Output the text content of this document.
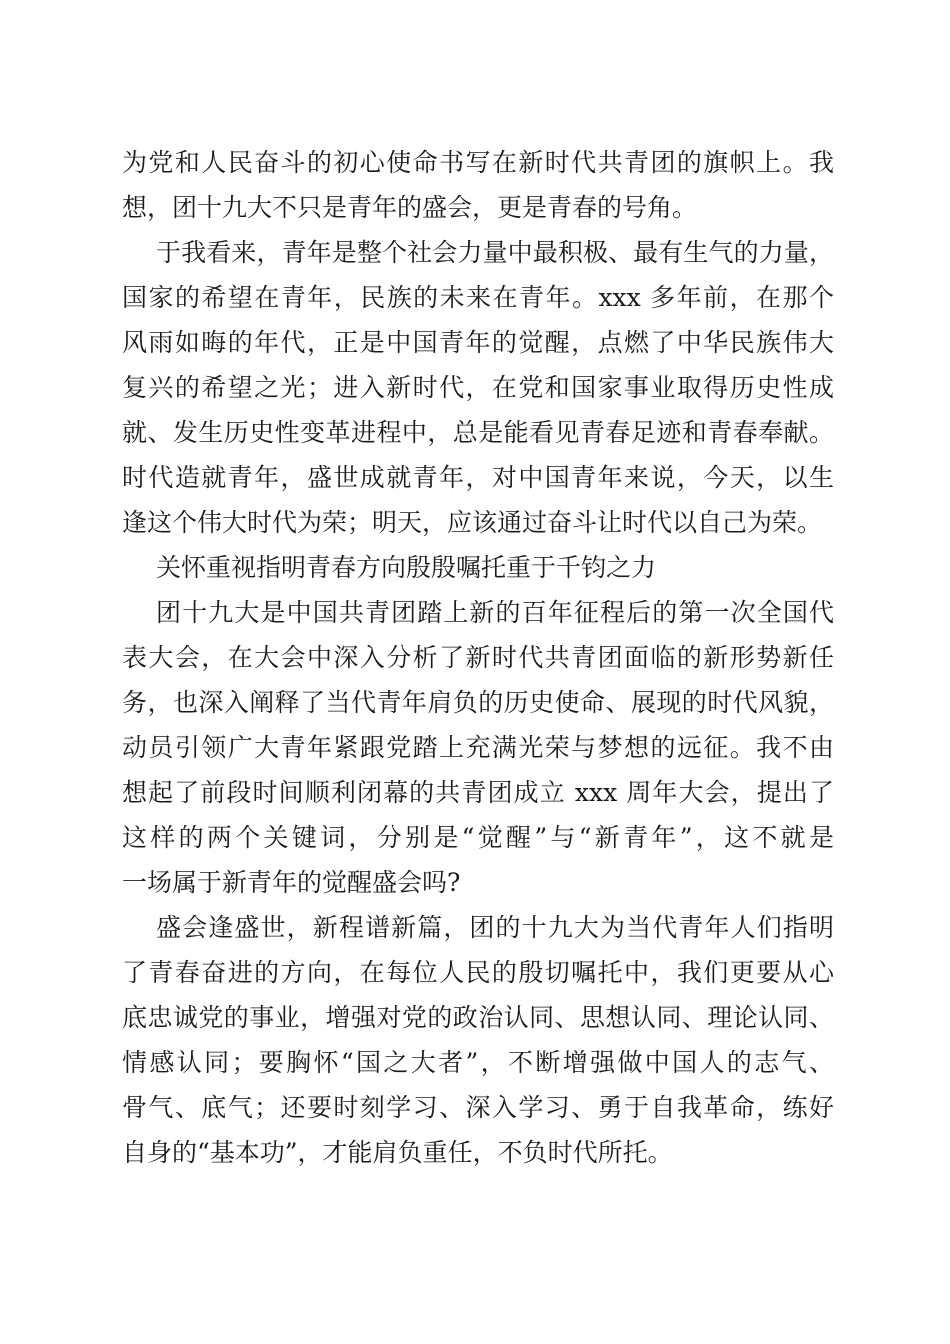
为党和人民奋斗的初心使命书写在新时代共青团的旗帜上。我
想，团十九大不只是青年的盛会，更是青春的号角。
于我看来，青年是整个社会力量中最积极、最有生气的力量，
国家的希望在青年，民族的未来在青年。xxx 多年前，在那个
风雨如晦的年代，正是中国青年的觉醒，点燃了中华民族伟大
复兴的希望之光；进入新时代，在党和国家事业取得历史性成
就、发生历史性变革进程中，总是能看见青春足迹和青春奉献。
时代造就青年，盛世成就青年，对中国青年来说，今天，以生
逢这个伟大时代为荣；明天，应该通过奋斗让时代以自己为荣。
关怀重视指明青春方向殷殷嘱托重于千钧之力
团十九大是中国共青团踏上新的百年征程后的第一次全国代
表大会，在大会中深入分析了新时代共青团面临的新形势新任
务，也深入阐释了当代青年肩负的历史使命、展现的时代风貌，
动员引领广大青年紧跟党踏上充满光荣与梦想的远征。我不由
想起了前段时间顺利闭幕的共青团成立 xxx 周年大会，提出了
这样的两个关键词，分别是“觉醒”与“新青年”，这不就是
一场属于新青年的觉醒盛会吗?
盛会逢盛世，新程谱新篇，团的十九大为当代青年人们指明
了青春奋进的方向，在每位人民的殷切嘱托中，我们更要从心
底忠诚党的事业，增强对党的政治认同、思想认同、理论认同、
情感认同；要胸怀“国之大者”，不断增强做中国人的志气、
骨气、底气；还要时刻学习、深入学习、勇于自我革命，练好
自身的“基本功”，才能肩负重任，不负时代所托。
